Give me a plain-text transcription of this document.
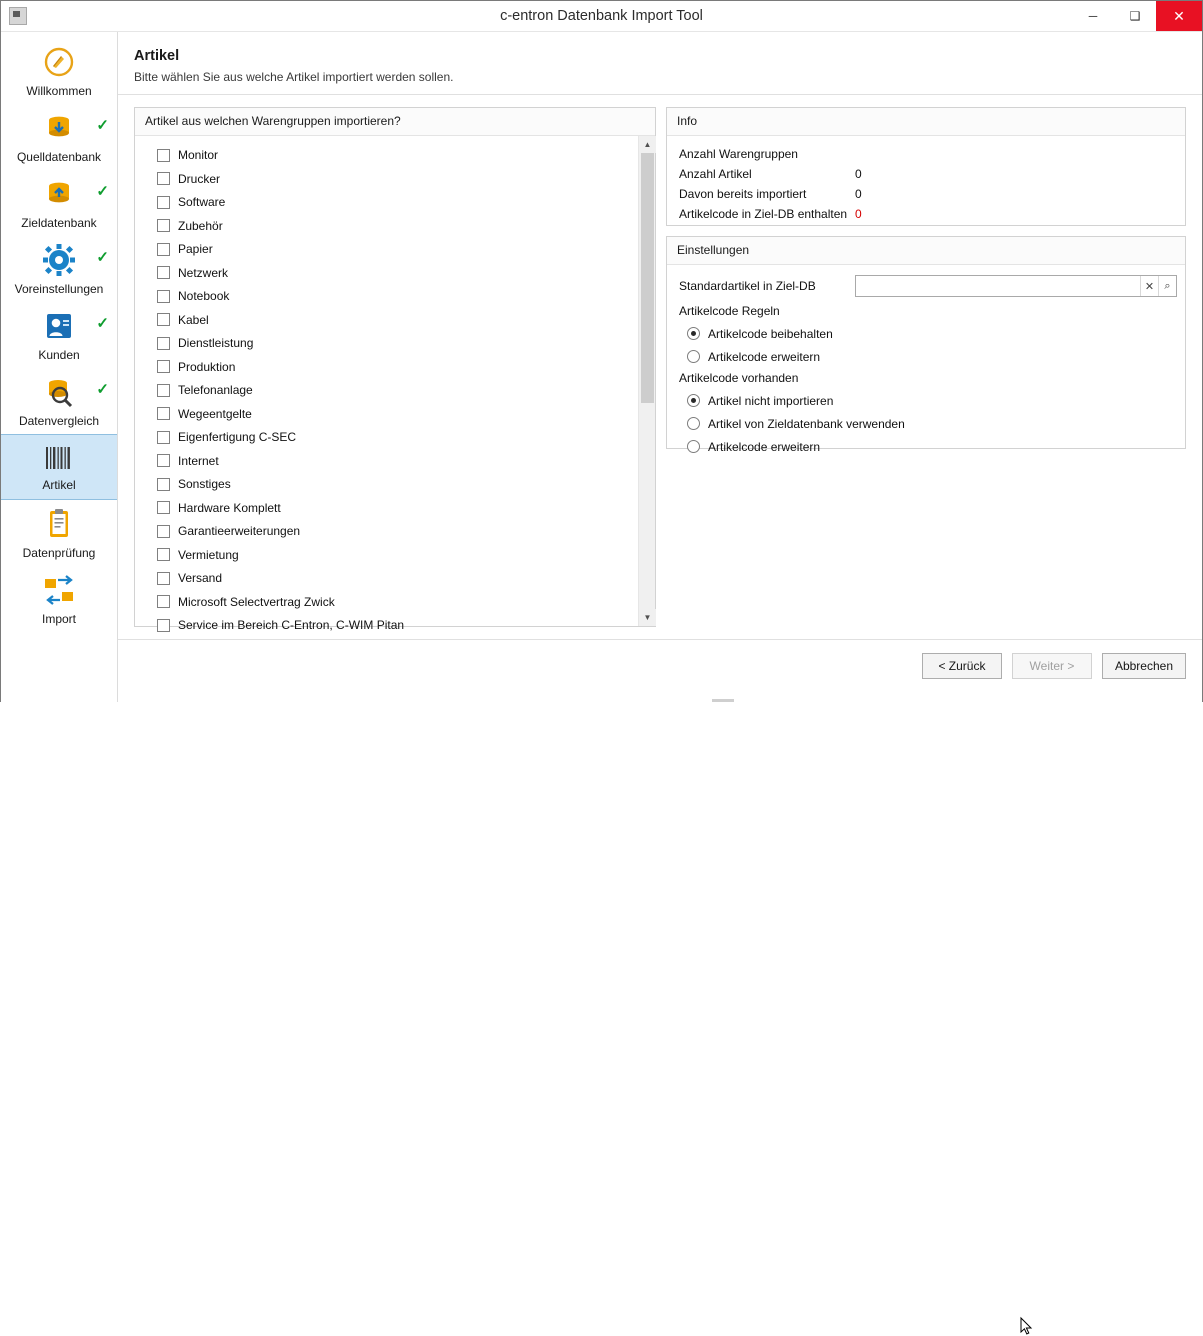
c-entron Datenbank Import Tool	─	❑	✕
Willkommen
✓
Quelldatenbank
✓
Zieldatenbank
✓
Voreinstellungen
✓
Kunden
✓
Datenvergleich
Artikel
Datenprüfung
Import
Artikel
Bitte wählen Sie aus welche Artikel importiert werden sollen.
Artikel aus welchen Warengruppen importieren?
Monitor
Drucker
Software
Zubehör
Papier
Netzwerk
Notebook
Kabel
Dienstleistung
Produktion
Telefonanlage
Wegeentgelte
Eigenfertigung C-SEC
Internet
Sonstiges
Hardware Komplett
Garantieerweiterungen
Vermietung
Versand
Microsoft Selectvertrag Zwick
Service im Bereich C-Entron, C-WIM Pitan
▲
▼
Info
Anzahl Warengruppen
Anzahl Artikel	0
Davon bereits importiert	0
Artikelcode in Ziel-DB enthalten 0
Einstellungen
Standardartikel in Ziel-DB	✕ ⌕
Artikelcode Regeln
Artikelcode beibehalten
Artikelcode erweitern
Artikelcode vorhanden
Artikel nicht importieren
Artikel von Zieldatenbank verwenden
Artikelcode erweitern
< Zurück	Weiter >	Abbrechen
